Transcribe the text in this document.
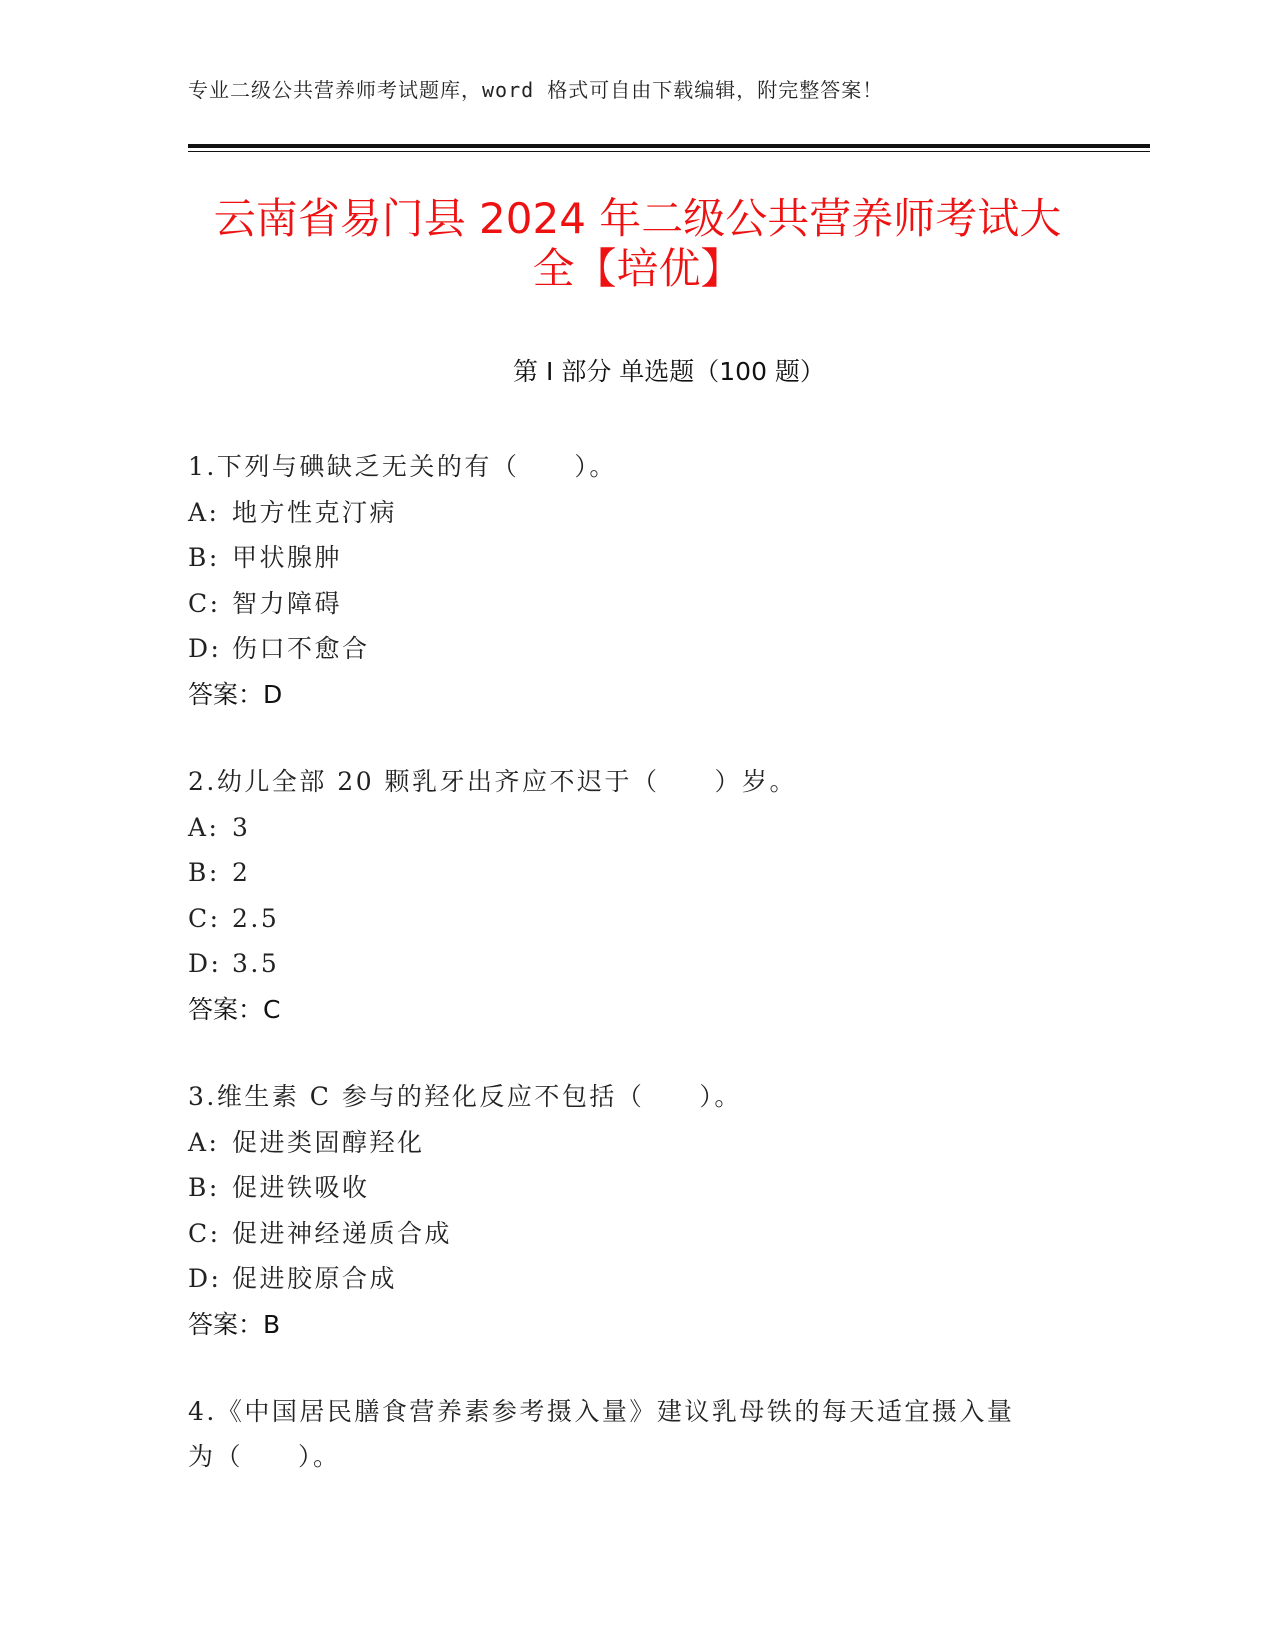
专业二级公共营养师考试题库，word 格式可自由下载编辑，附完整答案！
云南省易门县 2024 年二级公共营养师考试大
全【培优】
第 I 部分 单选题（100 题）

1.下列与碘缺乏无关的有（　　）。

A: 地方性克汀病

B: 甲状腺肿

C: 智力障碍

D: 伤口不愈合

答案：D

2.幼儿全部 20 颗乳牙出齐应不迟于（　　）岁。

A: 3

B: 2

C: 2.5

D: 3.5

答案：C

3.维生素 C 参与的羟化反应不包括（　　）。

A: 促进类固醇羟化

B: 促进铁吸收

C: 促进神经递质合成

D: 促进胶原合成

答案：B

4.《中国居民膳食营养素参考摄入量》建议乳母铁的每天适宜摄入量

为（　　）。
